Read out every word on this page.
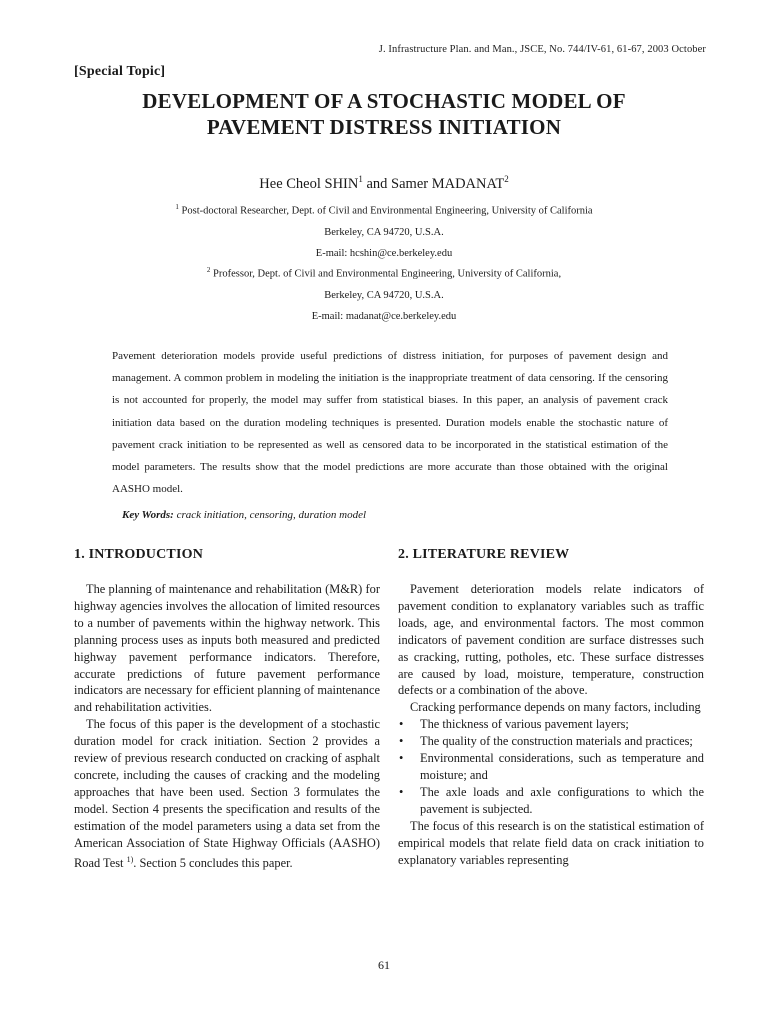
J. Infrastructure Plan. and Man., JSCE, No. 744/IV-61, 61-67, 2003 October
[Special Topic]
DEVELOPMENT OF A STOCHASTIC MODEL OF PAVEMENT DISTRESS INITIATION
Hee Cheol SHIN$^1$ and Samer MADANAT$^2$
$^1$ Post-doctoral Researcher, Dept. of Civil and Environmental Engineering, University of California
Berkeley, CA 94720, U.S.A.
E-mail: hcshin@ce.berkeley.edu
$^2$ Professor, Dept. of Civil and Environmental Engineering, University of California,
Berkeley, CA 94720, U.S.A.
E-mail: madanat@ce.berkeley.edu

Pavement deterioration models provide useful predictions of distress initiation, for purposes of pavement design and management. A common problem in modeling the initiation is the inappropriate treatment of data censoring. If the censoring is not accounted for properly, the model may suffer from statistical biases. In this paper, an analysis of pavement crack initiation data based on the duration modeling techniques is presented. Duration models enable the stochastic nature of pavement crack initiation to be represented as well as censored data to be incorporated in the statistical estimation of the model parameters. The results show that the model predictions are more accurate than those obtained with the original AASHO model.

Key Words: crack initiation, censoring, duration model
1. INTRODUCTION

The planning of maintenance and rehabilitation (M&R) for highway agencies involves the allocation of limited resources to a number of pavements within the highway network. This planning process uses as inputs both measured and predicted highway pavement performance indicators. Therefore, accurate predictions of future pavement performance indicators are necessary for efficient planning of maintenance and rehabilitation activities.

The focus of this paper is the development of a stochastic duration model for crack initiation. Section 2 provides a review of previous research conducted on cracking of asphalt concrete, including the causes of cracking and the modeling approaches that have been used. Section 3 formulates the model. Section 4 presents the specification and results of the estimation of the model parameters using a data set from the American Association of State Highway Officials (AASHO) Road Test $^{1)}$. Section 5 concludes this paper.

2. LITERATURE REVIEW

Pavement deterioration models relate indicators of pavement condition to explanatory variables such as traffic loads, age, and environmental factors. The most common indicators of pavement condition are surface distresses such as cracking, rutting, potholes, etc. These surface distresses are caused by load, moisture, temperature, construction defects or a combination of the above.

Cracking performance depends on many factors, including

• The thickness of various pavement layers;
• The quality of the construction materials and practices;
• Environmental considerations, such as temperature and moisture; and
• The axle loads and axle configurations to which the pavement is subjected.

The focus of this research is on the statistical estimation of empirical models that relate field data on crack initiation to explanatory variables representing

61
